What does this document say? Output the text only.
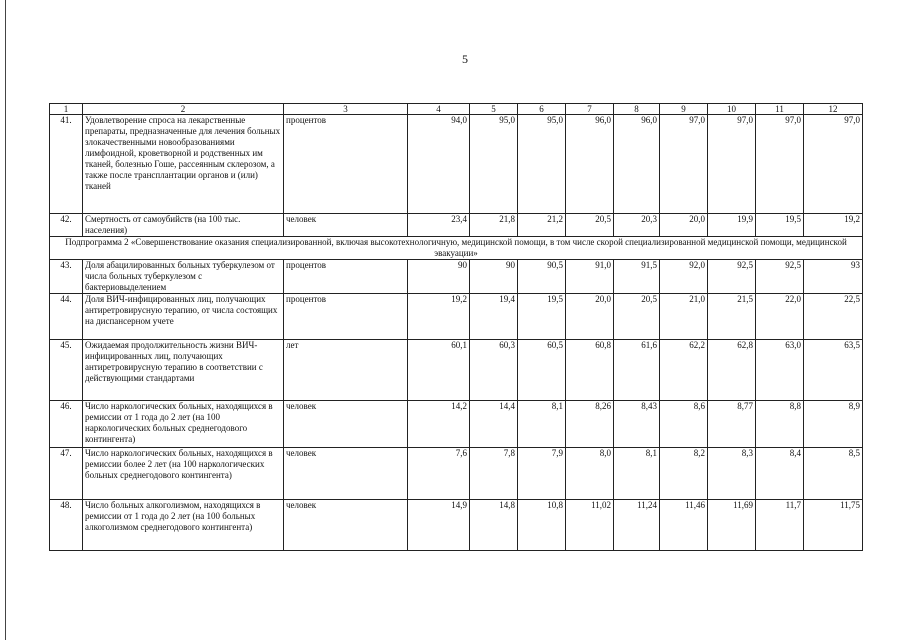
5
1	2	3	4	5	6	7	8	9	10	11	12
41.	Удовлетворение спроса на лекарственные препараты, предназначенные для лечения больных злокачественными новообразованиями лимфоидной, кроветворной и родственных им тканей, болезнью Гоше, рассеянным склерозом, а также после трансплантации органов и (или) тканей	процентов	94,0	95,0	95,0	96,0	96,0	97,0	97,0	97,0	97,0
42.	Смертность от самоубийств (на 100 тыс. населения)	человек	23,4	21,8	21,2	20,5	20,3	20,0	19,9	19,5	19,2
Подпрограмма 2 «Совершенствование оказания специализированной, включая высокотехнологичную, медицинской помощи, в том числе скорой специализированной медицинской помощи, медицинской эвакуации»											
43.	Доля абацилированных больных туберкулезом от числа больных туберкулезом с бактериовыделением	процентов	90	90	90,5	91,0	91,5	92,0	92,5	92,5	93
44.	Доля ВИЧ-инфицированных лиц, получающих антиретровирусную терапию, от числа состоящих на диспансерном учете	процентов	19,2	19,4	19,5	20,0	20,5	21,0	21,5	22,0	22,5
45.	Ожидаемая продолжительность жизни ВИЧ-инфицированных лиц, получающих антиретровирусную терапию в соответствии с действующими стандартами	лет	60,1	60,3	60,5	60,8	61,6	62,2	62,8	63,0	63,5
46.	Число наркологических больных, находящихся в ремиссии от 1 года до 2 лет (на 100 наркологических больных среднегодового контингента)	человек	14,2	14,4	8,1	8,26	8,43	8,6	8,77	8,8	8,9
47.	Число наркологических больных, находящихся в ремиссии более 2 лет (на 100 наркологических больных среднегодового контингента)	человек	7,6	7,8	7,9	8,0	8,1	8,2	8,3	8,4	8,5
48.	Число больных алкоголизмом, находящихся в ремиссии от 1 года до 2 лет (на 100 больных алкоголизмом среднегодового контингента)	человек	14,9	14,8	10,8	11,02	11,24	11,46	11,69	11,7	11,75
